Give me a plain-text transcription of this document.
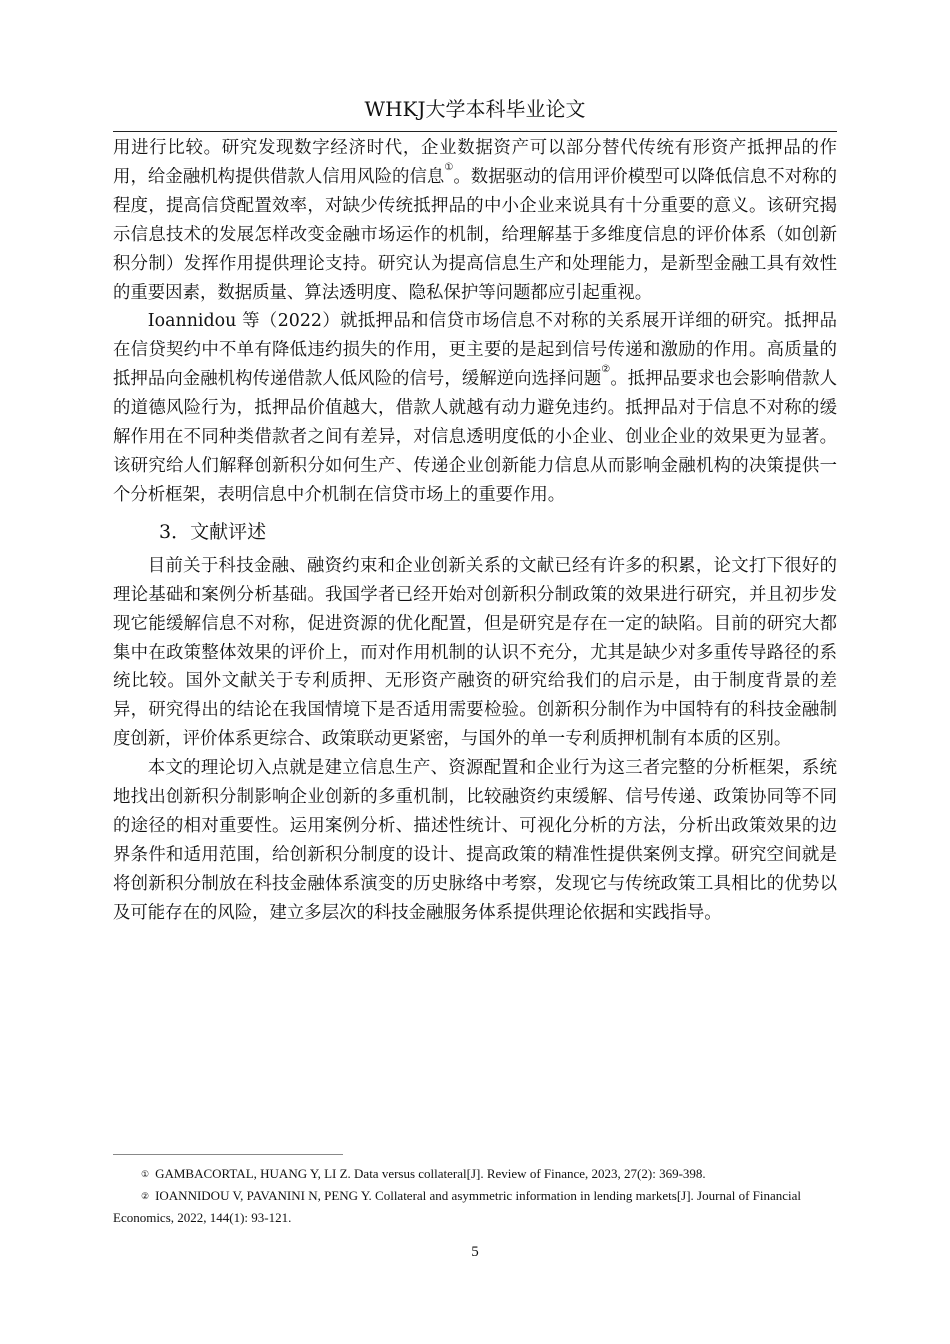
WHKJ大学本科毕业论文

用进行比较。研究发现数字经济时代，企业数据资产可以部分替代传统有形资产抵押品的作用，给金融机构提供借款人信用风险的信息①。数据驱动的信用评价模型可以降低信息不对称的程度，提高信贷配置效率，对缺少传统抵押品的中小企业来说具有十分重要的意义。该研究揭示信息技术的发展怎样改变金融市场运作的机制，给理解基于多维度信息的评价体系（如创新积分制）发挥作用提供理论支持。研究认为提高信息生产和处理能力，是新型金融工具有效性的重要因素，数据质量、算法透明度、隐私保护等问题都应引起重视。

Ioannidou 等（2022）就抵押品和信贷市场信息不对称的关系展开详细的研究。抵押品在信贷契约中不单有降低违约损失的作用，更主要的是起到信号传递和激励的作用。高质量的抵押品向金融机构传递借款人低风险的信号，缓解逆向选择问题②。抵押品要求也会影响借款人的道德风险行为，抵押品价值越大，借款人就越有动力避免违约。抵押品对于信息不对称的缓解作用在不同种类借款者之间有差异，对信息透明度低的小企业、创业企业的效果更为显著。该研究给人们解释创新积分如何生产、传递企业创新能力信息从而影响金融机构的决策提供一个分析框架，表明信息中介机制在信贷市场上的重要作用。

3．文献评述

目前关于科技金融、融资约束和企业创新关系的文献已经有许多的积累，论文打下很好的理论基础和案例分析基础。我国学者已经开始对创新积分制政策的效果进行研究，并且初步发现它能缓解信息不对称，促进资源的优化配置，但是研究是存在一定的缺陷。目前的研究大都集中在政策整体效果的评价上，而对作用机制的认识不充分，尤其是缺少对多重传导路径的系统比较。国外文献关于专利质押、无形资产融资的研究给我们的启示是，由于制度背景的差异，研究得出的结论在我国情境下是否适用需要检验。创新积分制作为中国特有的科技金融制度创新，评价体系更综合、政策联动更紧密，与国外的单一专利质押机制有本质的区别。

本文的理论切入点就是建立信息生产、资源配置和企业行为这三者完整的分析框架，系统地找出创新积分制影响企业创新的多重机制，比较融资约束缓解、信号传递、政策协同等不同的途径的相对重要性。运用案例分析、描述性统计、可视化分析的方法，分析出政策效果的边界条件和适用范围，给创新积分制度的设计、提高政策的精准性提供案例支撑。研究空间就是将创新积分制放在科技金融体系演变的历史脉络中考察，发现它与传统政策工具相比的优势以及可能存在的风险，建立多层次的科技金融服务体系提供理论依据和实践指导。

① GAMBACORTAL, HUANG Y, LI Z. Data versus collateral[J]. Review of Finance, 2023, 27(2): 369-398.

② IOANNIDOU V, PAVANINI N, PENG Y. Collateral and asymmetric information in lending markets[J]. Journal of Financial Economics, 2022, 144(1): 93-121.

5
